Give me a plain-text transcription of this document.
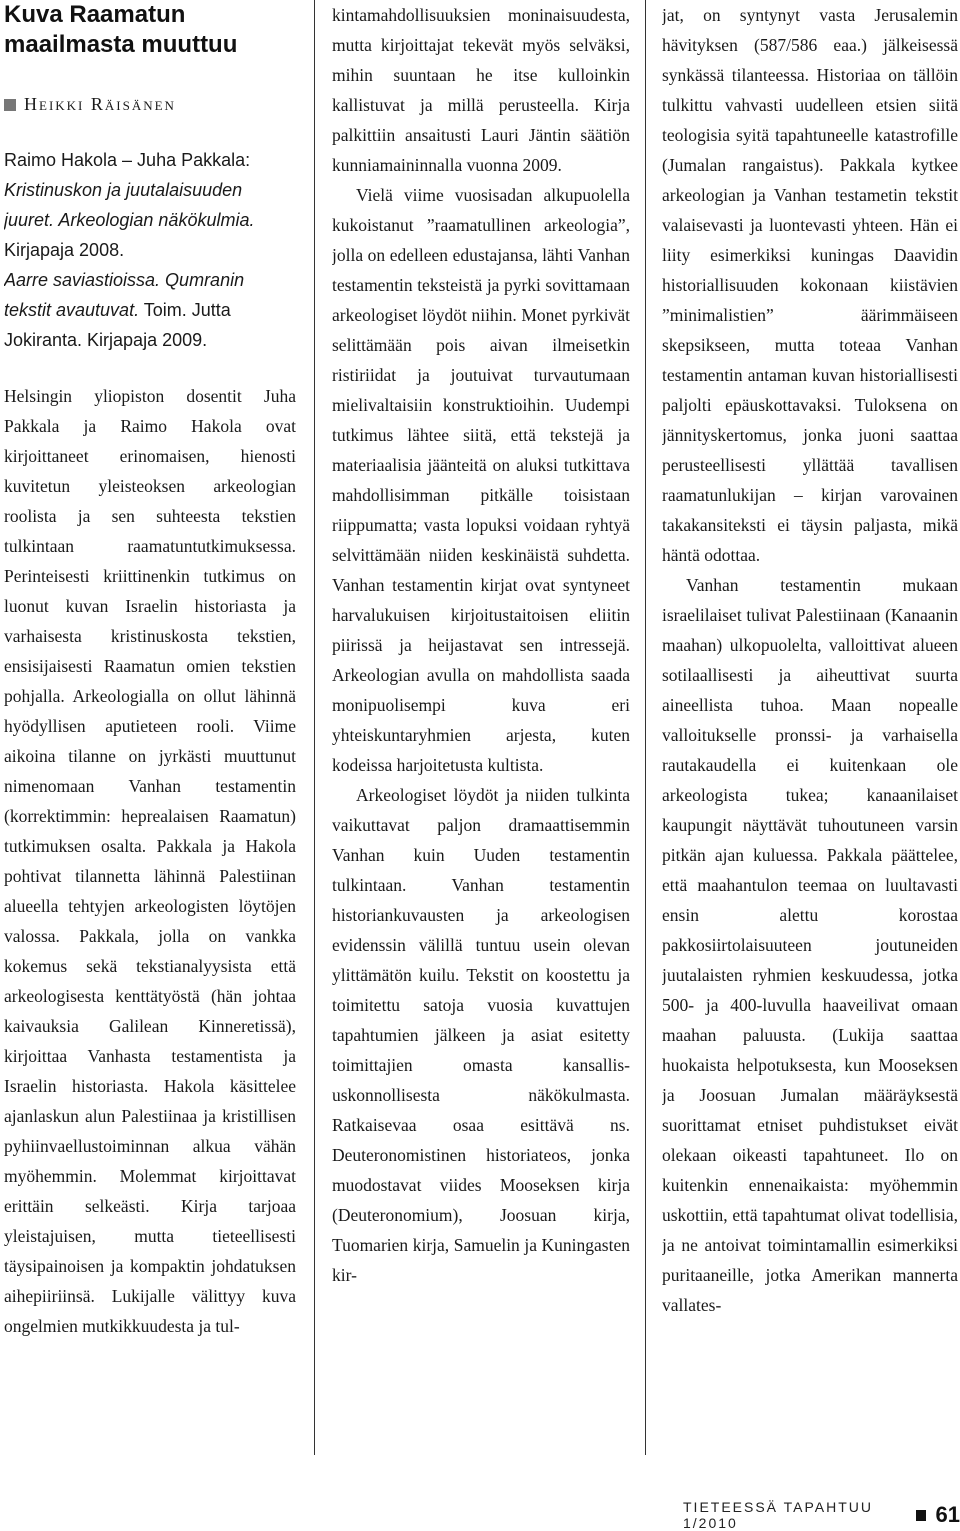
Kuva Raamatun maailmasta muuttuu
Heikki Räisänen
Raimo Hakola – Juha Pakkala:
Kristinuskon ja juutalaisuuden juuret. Arkeologian näkökulmia.
Kirjapaja 2008.
Aarre saviastioissa. Qumranin tekstit avautuvat. Toim. Jutta Jokiranta. Kirjapaja 2009.

Helsingin yliopiston dosentit Juha Pakkala ja Raimo Hakola ovat kirjoittaneet erinomaisen, hienosti kuvitetun yleisteoksen arkeologian roolista ja sen suhteesta tekstien tulkintaan raamatuntutkimuksessa. Perinteisesti kriittinenkin tutkimus on luonut kuvan Israelin historiasta ja varhaisesta kristinuskosta tekstien, ensisijaisesti Raamatun omien tekstien pohjalla. Arkeologialla on ollut lähinnä hyödyllisen aputieteen rooli. Viime aikoina tilanne on jyrkästi muuttunut nimenomaan Vanhan testamentin (korrektimmin: heprealaisen Raamatun) tutkimuksen osalta. Pakkala ja Hakola pohtivat tilannetta lähinnä Palestiinan alueella tehtyjen arkeologisten löytöjen valossa. Pakkala, jolla on vankka kokemus sekä tekstianalyysista että arkeologisesta kenttätyöstä (hän johtaa kaivauksia Galilean Kinneretissä), kirjoittaa Vanhasta testamentista ja Israelin historiasta. Hakola käsittelee ajanlaskun alun Palestiinaa ja kristillisen pyhiinvaellustoiminnan alkua vähän myöhemmin. Molemmat kirjoittavat erittäin selkeästi. Kirja tarjoaa yleistajuisen, mutta tieteellisesti täysipainoisen ja kompaktin johdatuksen aihepiiriinsä. Lukijalle välittyy kuva ongelmien mutkikkuudesta ja tul-

kintamahdollisuuksien moninaisuudesta, mutta kirjoittajat tekevät myös selväksi, mihin suuntaan he itse kulloinkin kallistuvat ja millä perusteella. Kirja palkittiin ansaitusti Lauri Jäntin säätiön kunniamaininnalla vuonna 2009.

Vielä viime vuosisadan alkupuolella kukoistanut ”raamatullinen arkeologia”, jolla on edelleen edustajansa, lähti Vanhan testamentin teksteistä ja pyrki sovittamaan arkeologiset löydöt niihin. Monet pyrkivät selittämään pois aivan ilmeisetkin ristiriidat ja joutuivat turvautumaan mielivaltaisiin konstruktioihin. Uudempi tutkimus lähtee siitä, että tekstejä ja materiaalisia jäänteitä on aluksi tutkittava mahdollisimman pitkälle toisistaan riippumatta; vasta lopuksi voidaan ryhtyä selvittämään niiden keskinäistä suhdetta. Vanhan testamentin kirjat ovat syntyneet harvalukuisen kirjoitustaitoisen eliitin piirissä ja heijastavat sen intressejä. Arkeologian avulla on mahdollista saada monipuolisempi kuva eri yhteiskuntaryhmien arjesta, kuten kodeissa harjoitetusta kultista.

Arkeologiset löydöt ja niiden tulkinta vaikuttavat paljon dramaattisemmin Vanhan kuin Uuden testamentin tulkintaan. Vanhan testamentin historiankuvausten ja arkeologisen evidenssin välillä tuntuu usein olevan ylittämätön kuilu. Tekstit on koostettu ja toimitettu satoja vuosia kuvattujen tapahtumien jälkeen ja asiat esitetty toimittajien omasta kansallis-uskonnollisesta näkökulmasta. Ratkaisevaa osaa esittävä ns. Deuteronomistinen historiateos, jonka muodostavat viides Mooseksen kirja (Deuteronomium), Joosuan kirja, Tuomarien kirja, Samuelin ja Kuningasten kir-

jat, on syntynyt vasta Jerusalemin hävityksen (587/586 eaa.) jälkeisessä synkässä tilanteessa. Historiaa on tällöin tulkittu vahvasti uudelleen etsien siitä teologisia syitä tapahtuneelle katastrofille (Jumalan rangaistus). Pakkala kytkee arkeologian ja Vanhan testametin tekstit valaisevasti ja luontevasti yhteen. Hän ei liity esimerkiksi kuningas Daavidin historiallisuuden kokonaan kiistävien ”minimalistien” äärimmäiseen skepsikseen, mutta toteaa Vanhan testamentin antaman kuvan historiallisesti paljolti epäuskottavaksi. Tuloksena on jännityskertomus, jonka juoni saattaa perusteellisesti yllättää tavallisen raamatunlukijan – kirjan varovainen takakansiteksti ei täysin paljasta, mikä häntä odottaa.

Vanhan testamentin mukaan israelilaiset tulivat Palestiinaan (Kanaanin maahan) ulkopuolelta, valloittivat alueen sotilaallisesti ja aiheuttivat suurta aineellista tuhoa. Maan nopealle valloitukselle pronssi- ja varhaisella rautakaudella ei kuitenkaan ole arkeologista tukea; kanaanilaiset kaupungit näyttävät tuhoutuneen varsin pitkän ajan kuluessa. Pakkala päättelee, että maahantulon teemaa on luultavasti ensin alettu korostaa pakkosiirtolaisuuteen joutuneiden juutalaisten ryhmien keskuudessa, jotka 500- ja 400-luvulla haaveilivat omaan maahan paluusta. (Lukija saattaa huokaista helpotuksesta, kun Mooseksen ja Joosuan Jumalan määräyksestä suorittamat etniset puhdistukset eivät olekaan oikeasti tapahtuneet. Ilo on kuitenkin ennenaikaista: myöhemmin uskottiin, että tapahtumat olivat todellisia, ja ne antoivat toimintamallin esimerkiksi puritaaneille, jotka Amerikan mannerta vallates-

TIETEESSÄ TAPAHTUU 1/2010	61
